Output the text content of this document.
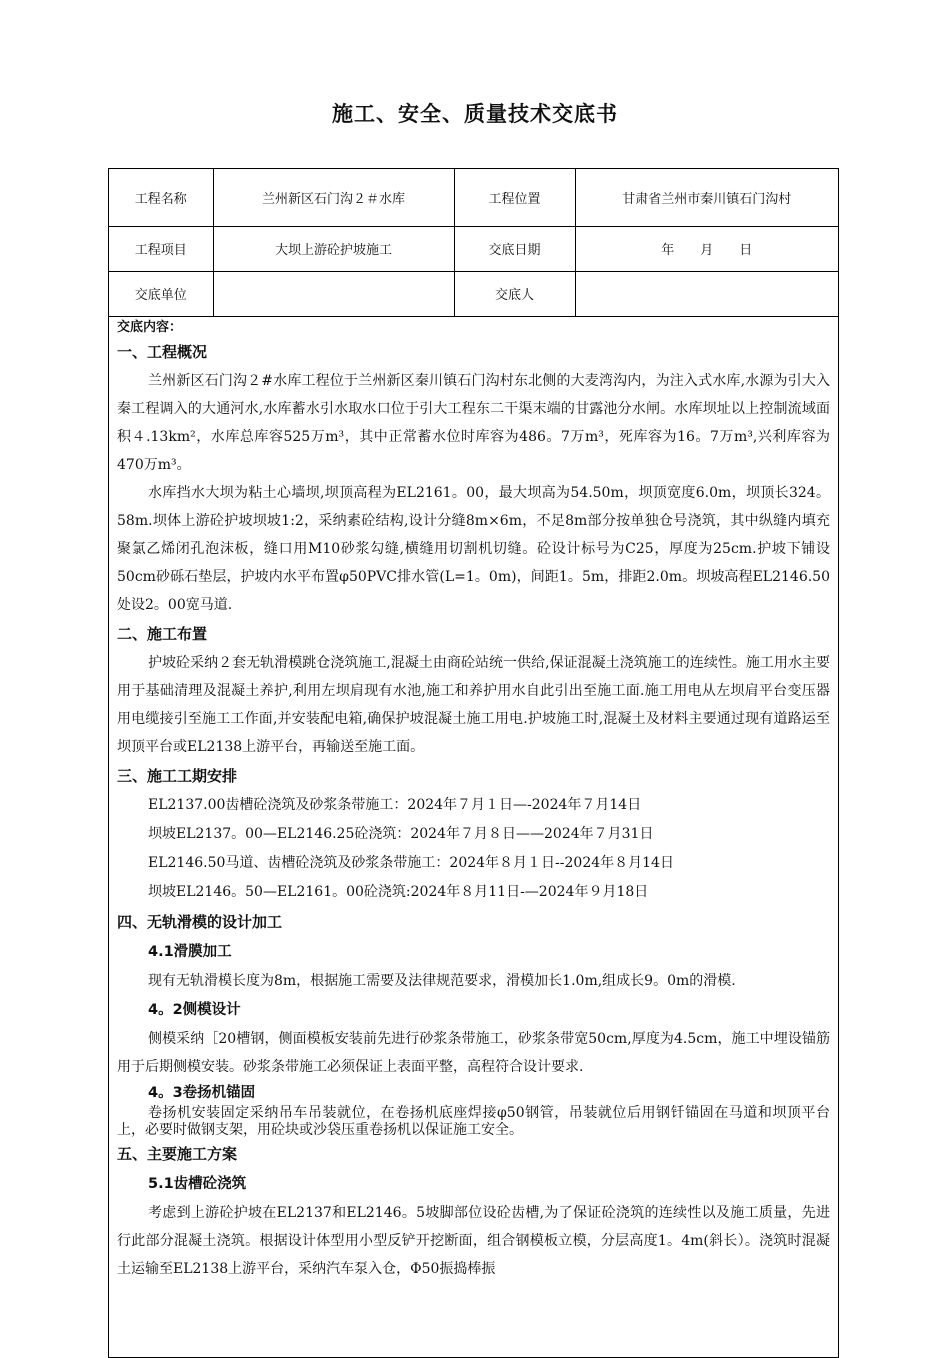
施工、安全、质量技术交底书
工程名称	兰州新区石门沟２＃水库	工程位置	甘肃省兰州市秦川镇石门沟村
工程项目	大坝上游砼护坡施工	交底日期	年　　月　　日
交底单位		交底人	
交底内容：
一、工程概况

兰州新区石门沟２#水库工程位于兰州新区秦川镇石门沟村东北侧的大麦湾沟内，为注入式水库,水源为引大入秦工程调入的大通河水,水库蓄水引水取水口位于引大工程东二干渠末端的甘露池分水闸。水库坝址以上控制流域面积４.13km²，水库总库容525万m³，其中正常蓄水位时库容为486。7万m³，死库容为16。7万m³,兴利库容为470万m³。

水库挡水大坝为粘土心墙坝,坝顶高程为EL2161。00，最大坝高为54.50m，坝顶宽度6.0m，坝顶长324。58m.坝体上游砼护坡坝坡1:2，采纳素砼结构,设计分缝8m×6m，不足8m部分按单独仓号浇筑，其中纵缝内填充聚氯乙烯闭孔泡沫板，缝口用M10砂浆勾缝,横缝用切割机切缝。砼设计标号为C25，厚度为25cm.护坡下铺设50cm砂砾石垫层，护坡内水平布置φ50PVC排水管(L=1。0m)，间距1。5m，排距2.0m。坝坡高程EL2146.50处设2。00宽马道.

二、施工布置

护坡砼采纳２套无轨滑模跳仓浇筑施工,混凝土由商砼站统一供给,保证混凝土浇筑施工的连续性。施工用水主要用于基础清理及混凝土养护,利用左坝肩现有水池,施工和养护用水自此引出至施工面.施工用电从左坝肩平台变压器用电缆接引至施工工作面,并安装配电箱,确保护坡混凝土施工用电.护坡施工时,混凝土及材料主要通过现有道路运至坝顶平台或EL2138上游平台，再输送至施工面。

三、施工工期安排
EL2137.00齿槽砼浇筑及砂浆条带施工：2024年７月１日—-2024年７月14日
坝坡EL2137。00—EL2146.25砼浇筑：2024年７月８日——2024年７月31日
EL2146.50马道、齿槽砼浇筑及砂浆条带施工：2024年８月１日--2024年８月14日
坝坡EL2146。50—EL2161。00砼浇筑:2024年８月11日-—2024年９月18日
四、无轨滑模的设计加工
4.1滑膜加工

现有无轨滑模长度为8m，根据施工需要及法律规范要求，滑模加长1.0m,组成长9。0m的滑模.

4。2侧模设计

侧模采纳［20槽钢，侧面模板安装前先进行砂浆条带施工，砂浆条带宽50cm,厚度为4.5cm，施工中埋设锚筋用于后期侧模安装。砂浆条带施工必须保证上表面平整，高程符合设计要求.

4。3卷扬机锚固

卷扬机安装固定采纳吊车吊装就位，在卷扬机底座焊接φ50钢管，吊装就位后用钢钎锚固在马道和坝顶平台上，必要时做钢支架，用砼块或沙袋压重卷扬机以保证施工安全。

五、主要施工方案
5.1齿槽砼浇筑

考虑到上游砼护坡在EL2137和EL2146。5坡脚部位设砼齿槽,为了保证砼浇筑的连续性以及施工质量，先进行此部分混凝土浇筑。根据设计体型用小型反铲开挖断面，组合钢模板立模，分层高度1。4m(斜长）。浇筑时混凝土运输至EL2138上游平台，采纳汽车泵入仓，Φ50振捣棒振
